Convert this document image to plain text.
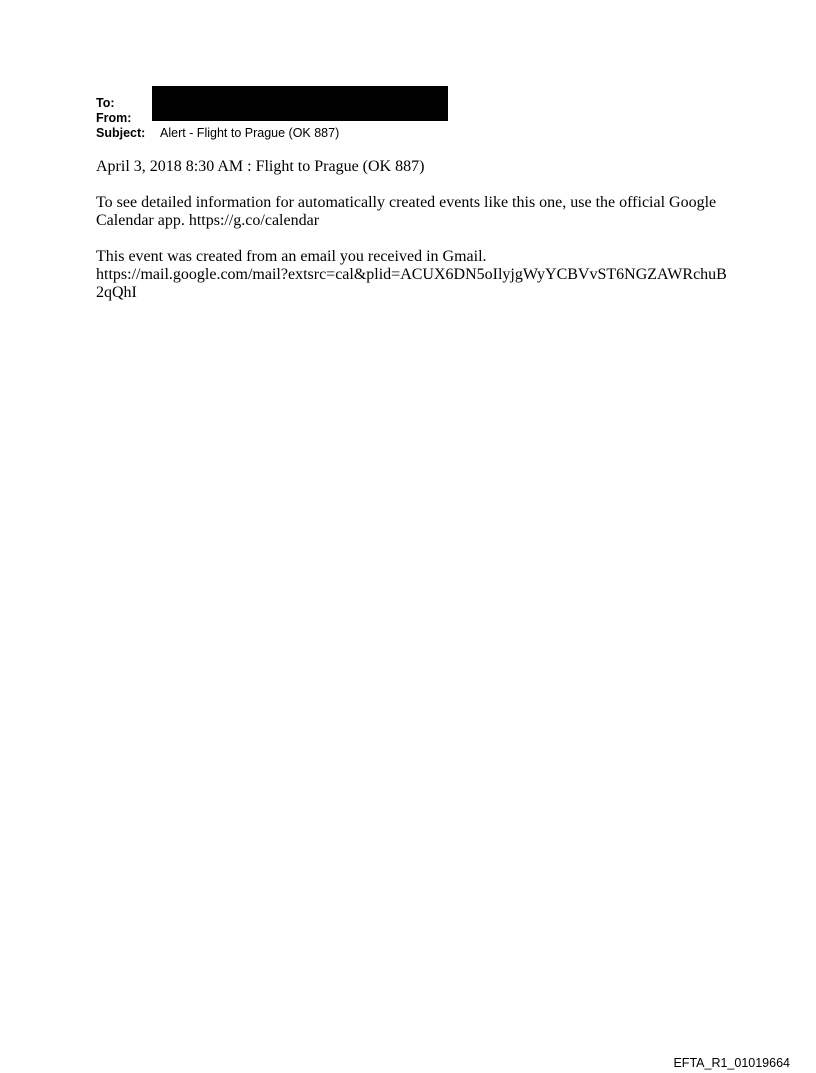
To:
From:
Subject:	Alert - Flight to Prague (OK 887)

April 3, 2018 8:30 AM : Flight to Prague (OK 887)

To see detailed information for automatically created events like this one, use the official Google
Calendar app. https://g.co/calendar

This event was created from an email you received in Gmail.
https://mail.google.com/mail?extsrc=cal&plid=ACUX6DN5oIlyjgWyYCBVvST6NGZAWRchuB
2qQhI

EFTA_R1_01019664
